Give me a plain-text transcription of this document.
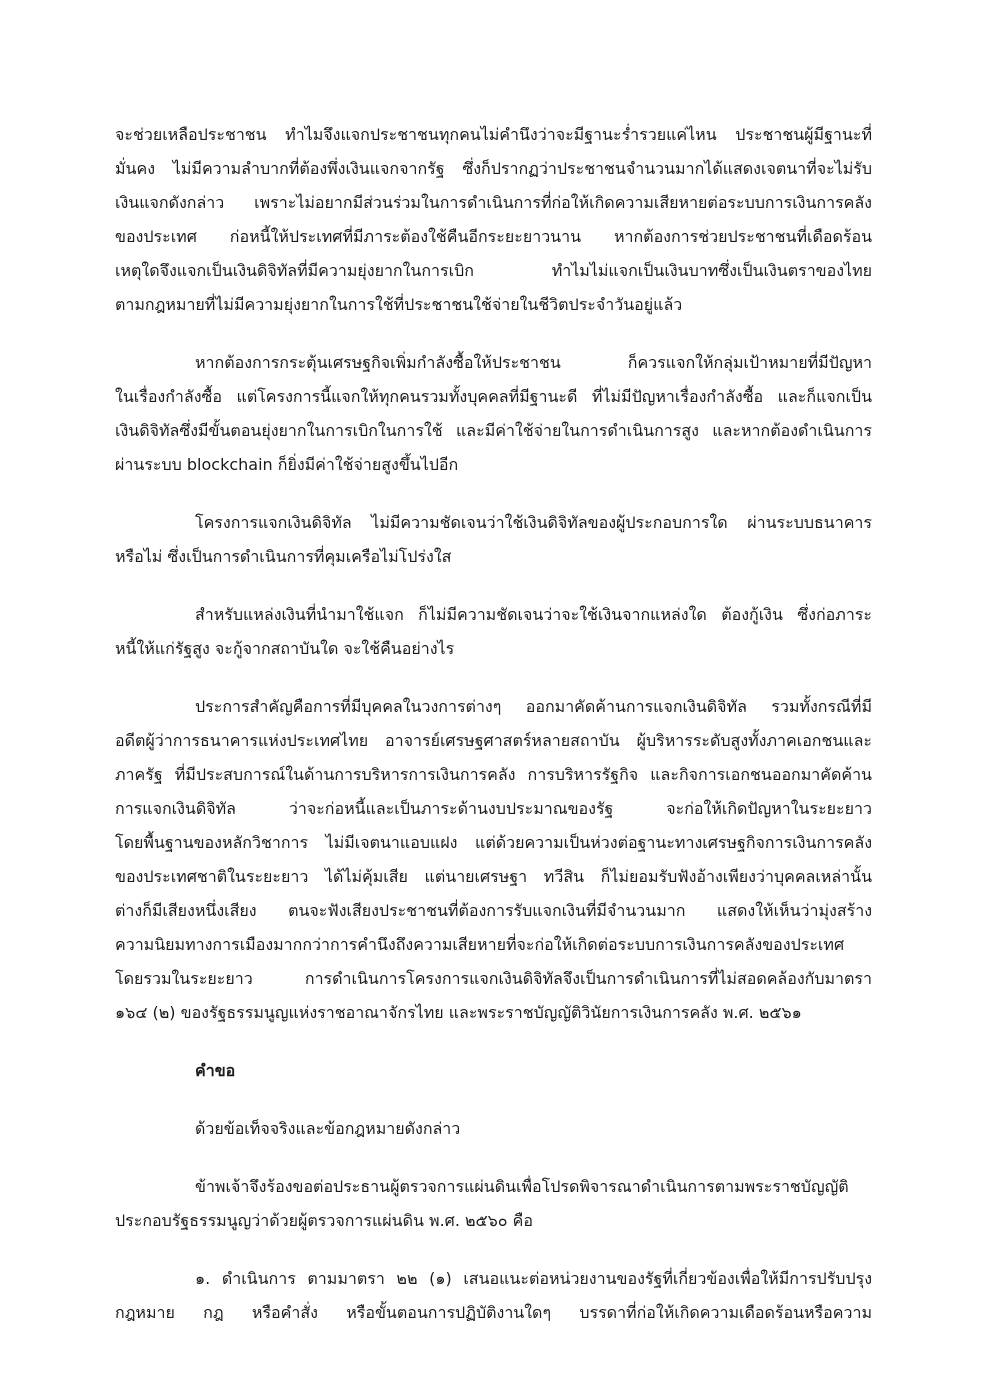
จะช่วยเหลือประชาชน ทำไมจึงแจกประชาชนทุกคนไม่คำนึงว่าจะมีฐานะร่ำรวยแค่ไหน ประชาชนผู้มีฐานะที่
มั่นคง ไม่มีความลำบากที่ต้องพึ่งเงินแจกจากรัฐ ซึ่งก็ปรากฏว่าประชาชนจำนวนมากได้แสดงเจตนาที่จะไม่รับ
เงินแจกดังกล่าว เพราะไม่อยากมีส่วนร่วมในการดำเนินการที่ก่อให้เกิดความเสียหายต่อระบบการเงินการคลัง
ของประเทศ ก่อหนี้ให้ประเทศที่มีภาระต้องใช้คืนอีกระยะยาวนาน หากต้องการช่วยประชาชนที่เดือดร้อน
เหตุใดจึงแจกเป็นเงินดิจิทัลที่มีความยุ่งยากในการเบิก ทำไมไม่แจกเป็นเงินบาทซึ่งเป็นเงินตราของไทย
ตามกฎหมายที่ไม่มีความยุ่งยากในการใช้ที่ประชาชนใช้จ่ายในชีวิตประจำวันอยู่แล้ว
หากต้องการกระตุ้นเศรษฐกิจเพิ่มกำลังซื้อให้ประชาชน ก็ควรแจกให้กลุ่มเป้าหมายที่มีปัญหา
ในเรื่องกำลังซื้อ แต่โครงการนี้แจกให้ทุกคนรวมทั้งบุคคลที่มีฐานะดี ที่ไม่มีปัญหาเรื่องกำลังซื้อ และก็แจกเป็น
เงินดิจิทัลซึ่งมีขั้นตอนยุ่งยากในการเบิกในการใช้ และมีค่าใช้จ่ายในการดำเนินการสูง และหากต้องดำเนินการ
ผ่านระบบ blockchain ก็ยิ่งมีค่าใช้จ่ายสูงขึ้นไปอีก
โครงการแจกเงินดิจิทัล ไม่มีความชัดเจนว่าใช้เงินดิจิทัลของผู้ประกอบการใด ผ่านระบบธนาคาร
หรือไม่ ซึ่งเป็นการดำเนินการที่คุมเครือไม่โปร่งใส
สำหรับแหล่งเงินที่นำมาใช้แจก ก็ไม่มีความชัดเจนว่าจะใช้เงินจากแหล่งใด ต้องกู้เงิน ซึ่งก่อภาระ
หนี้ให้แก่รัฐสูง จะกู้จากสถาบันใด จะใช้คืนอย่างไร
ประการสำคัญคือการที่มีบุคคลในวงการต่างๆ ออกมาคัดค้านการแจกเงินดิจิทัล รวมทั้งกรณีที่มี
อดีตผู้ว่าการธนาคารแห่งประเทศไทย อาจารย์เศรษฐศาสตร์หลายสถาบัน ผู้บริหารระดับสูงทั้งภาคเอกชนและ
ภาครัฐ ที่มีประสบการณ์ในด้านการบริหารการเงินการคลัง การบริหารรัฐกิจ และกิจการเอกชนออกมาคัดค้าน
การแจกเงินดิจิทัล ว่าจะก่อหนี้และเป็นภาระด้านงบประมาณของรัฐ จะก่อให้เกิดปัญหาในระยะยาว
โดยพื้นฐานของหลักวิชาการ ไม่มีเจตนาแอบแฝง แต่ด้วยความเป็นห่วงต่อฐานะทางเศรษฐกิจการเงินการคลัง
ของประเทศชาติในระยะยาว ได้ไม่คุ้มเสีย แต่นายเศรษฐา ทวีสิน ก็ไม่ยอมรับฟังอ้างเพียงว่าบุคคลเหล่านั้น
ต่างก็มีเสียงหนึ่งเสียง ตนจะฟังเสียงประชาชนที่ต้องการรับแจกเงินที่มีจำนวนมาก แสดงให้เห็นว่ามุ่งสร้าง
ความนิยมทางการเมืองมากกว่าการคำนึงถึงความเสียหายที่จะก่อให้เกิดต่อระบบการเงินการคลังของประเทศ
โดยรวมในระยะยาว การดำเนินการโครงการแจกเงินดิจิทัลจึงเป็นการดำเนินการที่ไม่สอดคล้องกับมาตรา
๑๖๔ (๒) ของรัฐธรรมนูญแห่งราชอาณาจักรไทย และพระราชบัญญัติวินัยการเงินการคลัง พ.ศ. ๒๕๖๑
คำขอ
ด้วยข้อเท็จจริงและข้อกฎหมายดังกล่าว
ข้าพเจ้าจึงร้องขอต่อประธานผู้ตรวจการแผ่นดินเพื่อโปรดพิจารณาดำเนินการตามพระราชบัญญัติ
ประกอบรัฐธรรมนูญว่าด้วยผู้ตรวจการแผ่นดิน พ.ศ. ๒๕๖๐ คือ
๑. ดำเนินการ ตามมาตรา ๒๒ (๑) เสนอแนะต่อหน่วยงานของรัฐที่เกี่ยวข้องเพื่อให้มีการปรับปรุง
กฎหมาย กฎ หรือคำสั่ง หรือขั้นตอนการปฏิบัติงานใดๆ บรรดาที่ก่อให้เกิดความเดือดร้อนหรือความ
